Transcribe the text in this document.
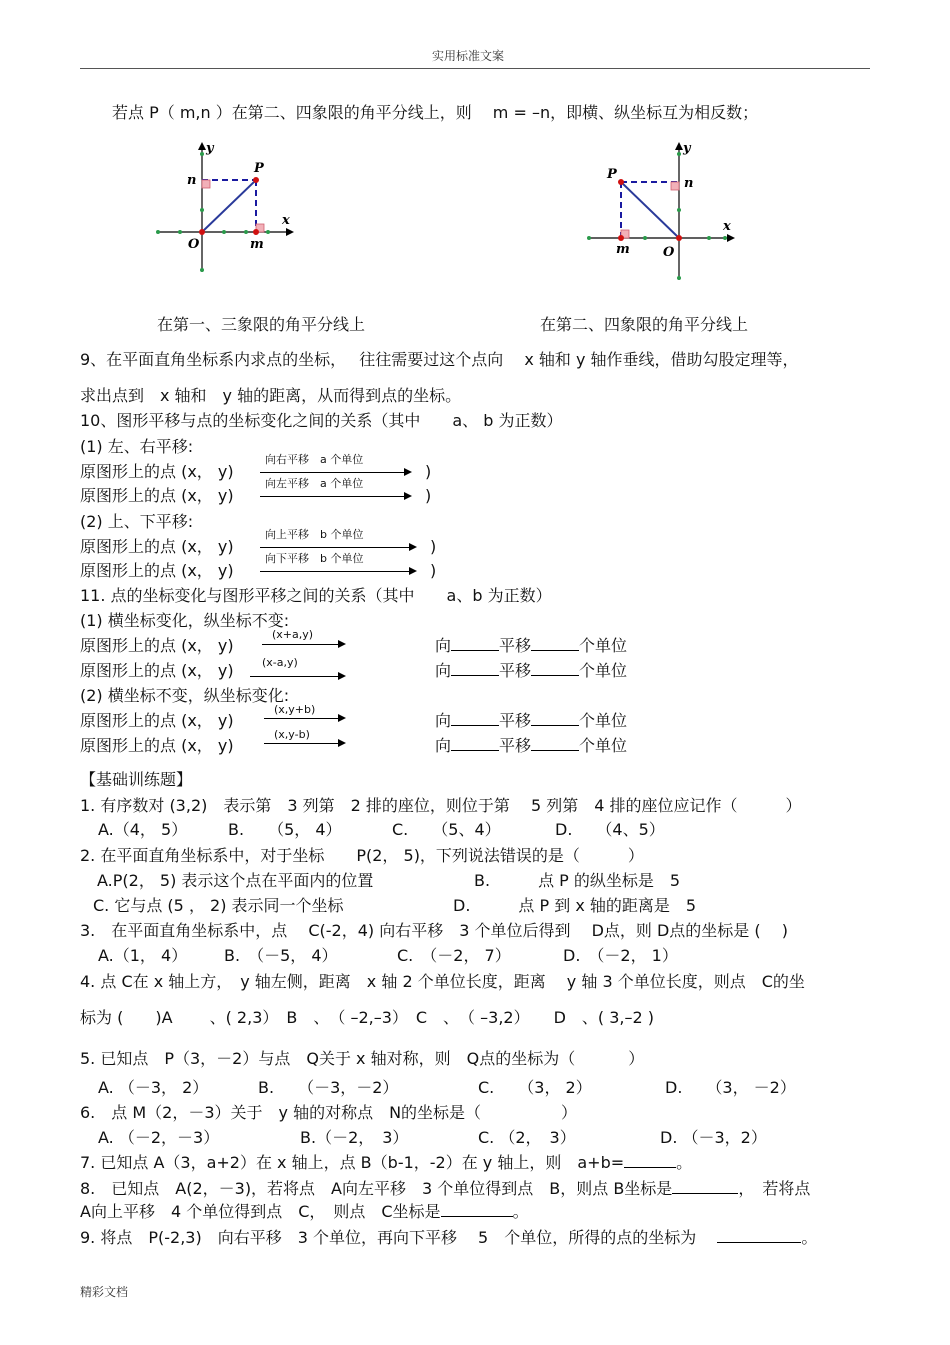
实用标准文案
若点 P（ m,n ）在第二、四象限的角平分线上，则　 m = –n，即横、纵坐标互为相反数；
y
x
n
m
P
O
y
x
n
m
P
O
在第一、三象限的角平分线上	在第二、四象限的角平分线上
9、在平面直角坐标系内求点的坐标，　 往往需要过这个点向　 x 轴和 y 轴作垂线，借助勾股定理等，
求出点到　x 轴和　y 轴的距离，从而得到点的坐标。
10、图形平移与点的坐标变化之间的关系（其中　　a、 b 为正数）
(1) 左、右平移:
原图形上的点 (x， y)
向右平移　a 个单位
)
原图形上的点 (x， y)
向左平移　a 个单位
)
(2) 上、下平移:
原图形上的点 (x， y)
向上平移　b 个单位
)
原图形上的点 (x， y)
向下平移　b 个单位
)
11. 点的坐标变化与图形平移之间的关系（其中　　a、b 为正数）
(1) 横坐标变化，纵坐标不变:
原图形上的点 (x， y)
(x+a,y)
向	平移	个单位
原图形上的点 (x， y)	(x-a,y)	向	平移	个单位
(2) 横坐标不变，纵坐标变化:
原图形上的点 (x， y)
(x,y+b)
向	平移	个单位
原图形上的点 (x， y)
(x,y-b)
向	平移	个单位
【基础训练题】
1. 有序数对 (3,2)　表示第　3 列第　2 排的座位，则位于第　 5 列第　4 排的座位应记作（　　　）
A.（4， 5）	B.　　（5， 4）	C.　　（5、4）	D.　　（4、5）
2. 在平面直角坐标系中，对于坐标　　P(2， 5)，下列说法错误的是（　　　）
A.P(2， 5) 表示这个点在平面内的位置	B.　　　点 P 的纵坐标是　5
C. 它与点 (5 ， 2) 表示同一个坐标	D.　　　点 P 到 x 轴的距离是　5
3.　在平面直角坐标系中，点　 C(-2，4) 向右平移　3 个单位后得到　 D点，则 D点的坐标是 (　 )
A.（1， 4） B.　（－5， 4）	C.　（－2， 7）	D.　（－2， 1）
4. 点 C在 x 轴上方，　y 轴左侧，距离　x 轴 2 个单位长度，距离　 y 轴 3 个单位长度，则点　C的坐
标为 (　　)A　　 、( 2,3）　B　、　（ –2,–3）　C　、　（ –3,2）　　D　、( 3,–2 )
5. 已知点　P（3，－2）与点　Q关于 x 轴对称，则　Q点的坐标为（　　　 ）
A. （－3， 2）	B.　　（－3，－2）	C.　　（3， 2）	D.　　（3， －2）
6.　点 M（2，－3）关于　y 轴的对称点　N的坐标是（　　　　　）
A. （－2，－3）	B.（－2，　3）	C. （2，　3）	D. （－3，2）
7. 已知点 A（3，a+2）在 x 轴上，点 B（b-1，-2）在 y 轴上，则　a+b=	。
8.　已知点　A(2，－3)，若将点　A向左平移　3 个单位得到点　B，则点 B坐标是	，　若将点
A向上平移　4 个单位得到点　C，　则点　C坐标是	。
9. 将点　P(-2,3)　向右平移　3 个单位，再向下平移　 5　个单位，所得的点的坐标为　	。
精彩文档
